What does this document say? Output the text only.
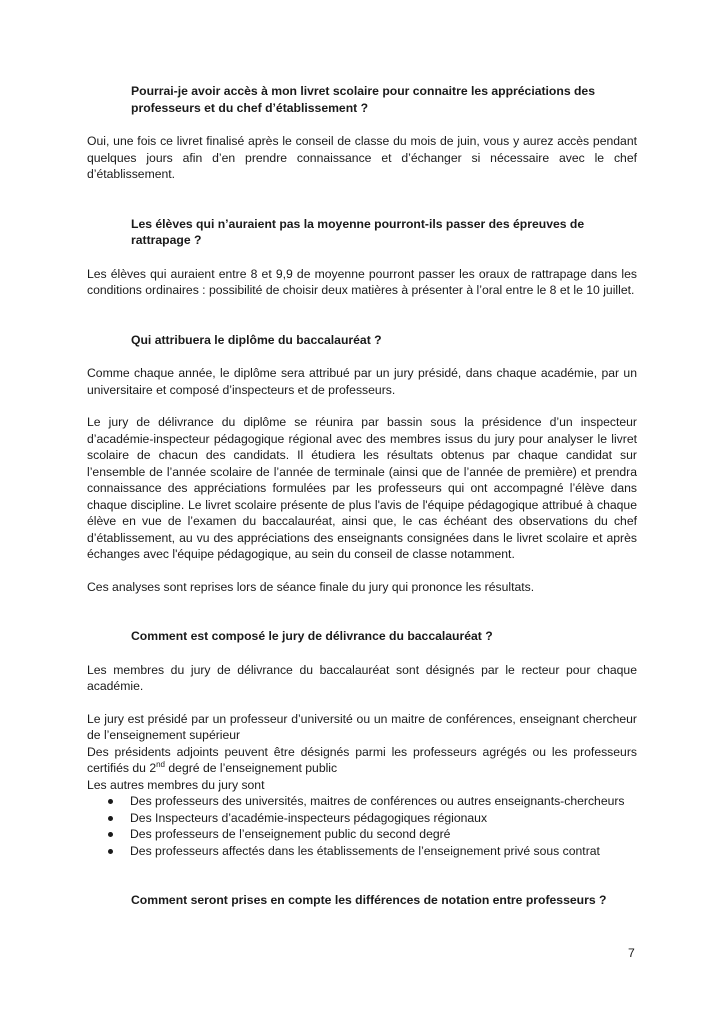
Pourrai-je avoir accès à mon livret scolaire pour connaitre les appréciations des professeurs et du chef d’établissement ?
Oui, une fois ce livret finalisé après le conseil de classe du mois de juin, vous y aurez accès pendant quelques jours afin d’en prendre connaissance et d’échanger si nécessaire avec le chef d’établissement.
Les élèves qui n’auraient pas la moyenne pourront-ils passer des épreuves de rattrapage ?
Les élèves qui auraient entre 8 et 9,9 de moyenne pourront passer les oraux de rattrapage dans les conditions ordinaires : possibilité de choisir deux matières à présenter à l’oral entre le 8 et le 10 juillet.
Qui attribuera le diplôme du baccalauréat ?
Comme chaque année, le diplôme sera attribué par un jury présidé, dans chaque académie, par un universitaire et composé d’inspecteurs et de professeurs.
Le jury de délivrance du diplôme se réunira par bassin sous la présidence d’un inspecteur d’académie-inspecteur pédagogique régional avec des membres issus du jury pour analyser le livret scolaire de chacun des candidats. Il étudiera les résultats obtenus par chaque candidat sur l’ensemble de l’année scolaire de l’année de terminale (ainsi que de l’année de première) et prendra connaissance des appréciations formulées par les professeurs qui ont accompagné l’élève dans chaque discipline. Le livret scolaire présente de plus l'avis de l'équipe pédagogique attribué à chaque élève en vue de l’examen du baccalauréat, ainsi que, le cas échéant des observations du chef d’établissement, au vu des appréciations des enseignants consignées dans le livret scolaire et après échanges avec l'équipe pédagogique, au sein du conseil de classe notamment.
Ces analyses sont reprises lors de séance finale du jury qui prononce les résultats.
Comment est composé le jury de délivrance du baccalauréat ?
Les membres du jury de délivrance du baccalauréat sont désignés par le recteur pour chaque académie.
Le jury est présidé par un professeur d’université ou un maitre de conférences, enseignant chercheur de l’enseignement supérieur
Des présidents adjoints peuvent être désignés parmi les professeurs agrégés ou les professeurs certifiés du 2nd degré de l’enseignement public
Les autres membres du jury sont
Des professeurs des universités, maitres de conférences ou autres enseignants-chercheurs
Des Inspecteurs d’académie-inspecteurs pédagogiques régionaux
Des professeurs de l’enseignement public du second degré
Des professeurs affectés dans les établissements de l’enseignement privé sous contrat
Comment seront prises en compte les différences de notation entre professeurs ?
7
